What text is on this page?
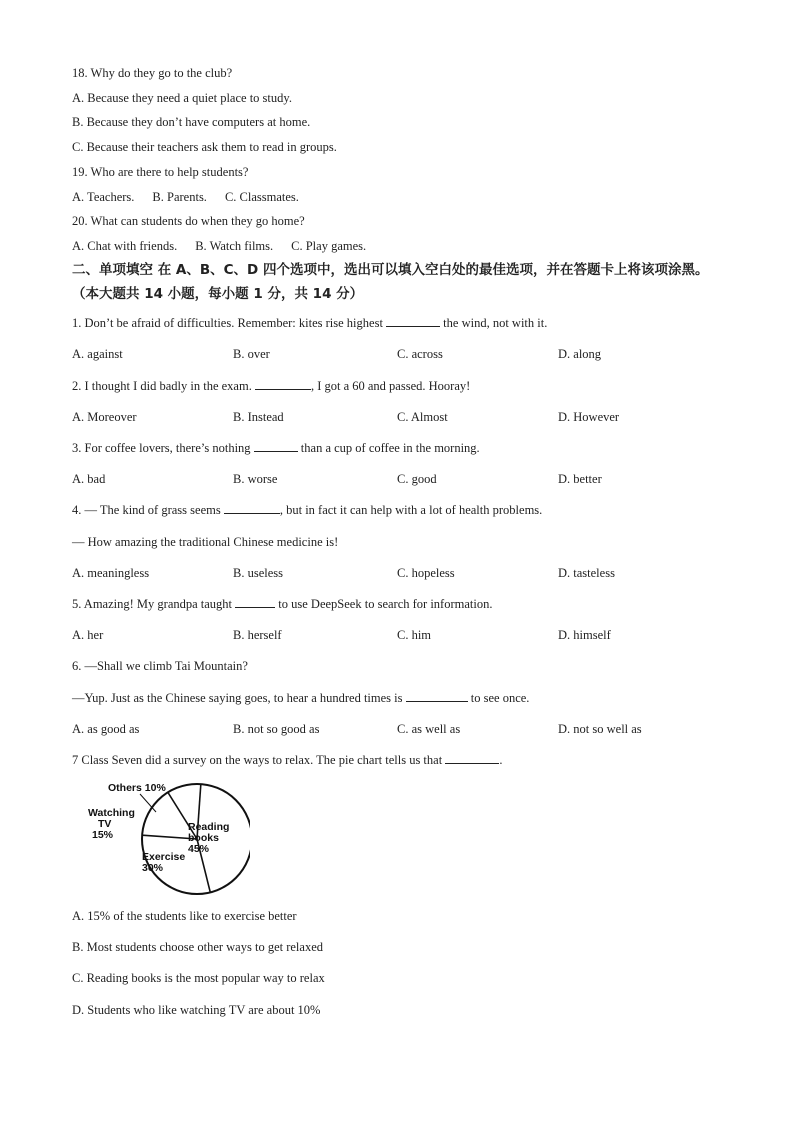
18. Why do they go to the club?
A. Because they need a quiet place to study.
B. Because they don’t have computers at home.
C. Because their teachers ask them to read in groups.
19. Who are there to help students?
A. Teachers. B. Parents. C. Classmates.
20. What can students do when they go home?
A. Chat with friends. B. Watch films. C. Play games.
二、单项填空 在 A、B、C、D 四个选项中，选出可以填入空白处的最佳选项，并在答题卡上将该项涂黑。（本大题共 14 小题，每小题 1 分，共 14 分）
1. Don’t be afraid of difficulties. Remember: kites rise highest	the wind, not with it.
A. against	B. over	C. across	D. along
2. I thought I did badly in the exam.	, I got a 60 and passed. Hooray!
A. Moreover	B. Instead	C. Almost	D. However
3. For coffee lovers, there’s nothing	than a cup of coffee in the morning.
A. bad	B. worse	C. good	D. better
4. — The kind of grass seems	, but in fact it can help with a lot of health problems.
— How amazing the traditional Chinese medicine is!
A. meaningless	B. useless	C. hopeless	D. tasteless
5. Amazing! My grandpa taught	to use DeepSeek to search for information.
A. her	B. herself	C. him	D. himself
6. —Shall we climb Tai Mountain?
—Yup. Just as the Chinese saying goes, to hear a hundred times is	to see once.
A. as good as	B. not so good as	C. as well as	D. not so well as
7 Class Seven did a survey on the ways to relax. The pie chart tells us that	.
Reading books 45%
Exercise 30%
Watching TV 15%
Others 10%
A. 15% of the students like to exercise better
B. Most students choose other ways to get relaxed
C. Reading books is the most popular way to relax
D. Students who like watching TV are about 10%
